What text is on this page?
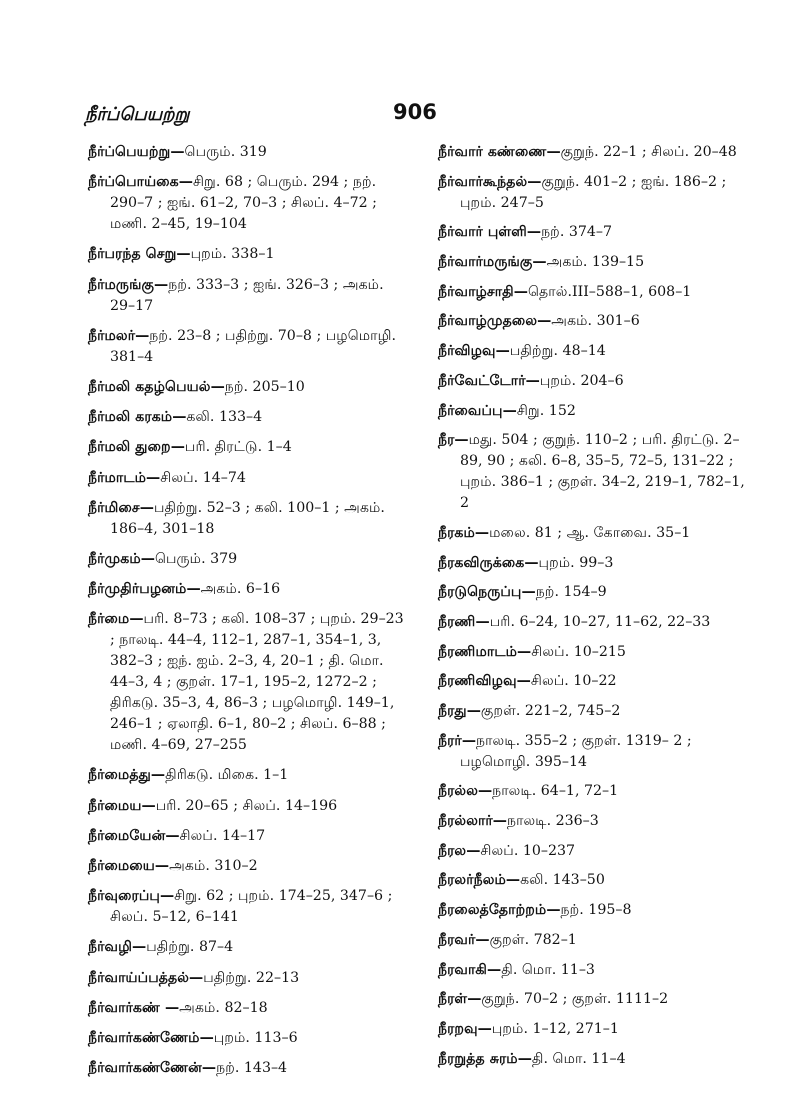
நீர்ப்பெயற்று	906
நீர்ப்பெயற்று—பெரும். 319
நீர்ப்பொய்கை—சிறு. 68 ; பெரும். 294 ; நற். 290–7 ; ஐங். 61–2, 70–3 ; சிலப். 4–72 ; மணி. 2–45, 19–104
நீர்பரந்த செறு—புறம். 338–1
நீர்மருங்கு—நற். 333–3 ; ஐங். 326–3 ; அகம். 29–17
நீர்மலர்—நற். 23–8 ; பதிற்று. 70–8 ; பழமொழி. 381–4
நீர்மலி கதழ்பெயல்—நற். 205–10
நீர்மலி கரகம்—கலி. 133–4
நீர்மலி துறை—பரி. திரட்டு. 1–4
நீர்மாடம்—சிலப். 14–74
நீர்மிசை—பதிற்று. 52–3 ; கலி. 100–1 ; அகம். 186–4, 301–18
நீர்முகம்—பெரும். 379
நீர்முதிர்பழனம்—அகம். 6–16
நீர்மை—பரி. 8–73 ; கலி. 108–37 ; புறம். 29–23 ; நாலடி. 44–4, 112–1, 287–1, 354–1, 3, 382–3 ; ஐந். ஐம். 2–3, 4, 20–1 ; தி. மொ. 44–3, 4 ; குறள். 17–1, 195–2, 1272–2 ; திரிகடு. 35–3, 4, 86–3 ; பழமொழி. 149–1, 246–1 ; ஏலாதி. 6–1, 80–2 ; சிலப். 6–88 ; மணி. 4–69, 27–255
நீர்மைத்து—திரிகடு. மிகை. 1–1
நீர்மைய—பரி. 20–65 ; சிலப். 14–196
நீர்மையேன்—சிலப். 14–17
நீர்மையை—அகம். 310–2
நீர்வுரைப்பு—சிறு. 62 ; புறம். 174–25, 347–6 ; சிலப். 5–12, 6–141
நீர்வழி—பதிற்று. 87–4
நீர்வாய்ப்பத்தல்—பதிற்று. 22–13
நீர்வார்கண் —அகம். 82–18
நீர்வார்கண்ணேம்—புறம். 113–6
நீர்வார்கண்ணேன்—நற். 143–4
நீர்வார் கண்ணை—குறுந். 22–1 ; சிலப். 20–48
நீர்வார்கூந்தல்—குறுந். 401–2 ; ஐங். 186–2 ; புறம். 247–5
நீர்வார் புள்ளி—நற். 374–7
நீர்வார்மருங்கு—அகம். 139–15
நீர்வாழ்சாதி—தொல்.III–588–1, 608–1
நீர்வாழ்முதலை—அகம். 301–6
நீர்விழவு—பதிற்று. 48–14
நீர்வேட்டோர்—புறம். 204–6
நீர்வைப்பு—சிறு. 152
நீர—மது. 504 ; குறுந். 110–2 ; பரி. திரட்டு. 2–89, 90 ; கலி. 6–8, 35–5, 72–5, 131–22 ; புறம். 386–1 ; குறள். 34–2, 219–1, 782–1, 2
நீரகம்—மலை. 81 ; ஆ. கோவை. 35–1
நீரகவிருக்கை—புறம். 99–3
நீரடுநெருப்பு—நற். 154–9
நீரணி—பரி. 6–24, 10–27, 11–62, 22–33
நீரணிமாடம்—சிலப். 10–215
நீரணிவிழவு—சிலப். 10–22
நீரது—குறள். 221–2, 745–2
நீரர்—நாலடி. 355–2 ; குறள். 1319– 2 ; பழமொழி. 395–14
நீரல்ல—நாலடி. 64–1, 72–1
நீரல்லார்—நாலடி. 236–3
நீரல—சிலப். 10–237
நீரலர்நீலம்—கலி. 143–50
நீரலைத்தோற்றம்—நற். 195–8
நீரவர்—குறள். 782–1
நீரவாகி—தி. மொ. 11–3
நீரள்—குறுந். 70–2 ; குறள். 1111–2
நீரறவு—புறம். 1–12, 271–1
நீரறுத்த சுரம்—தி. மொ. 11–4
